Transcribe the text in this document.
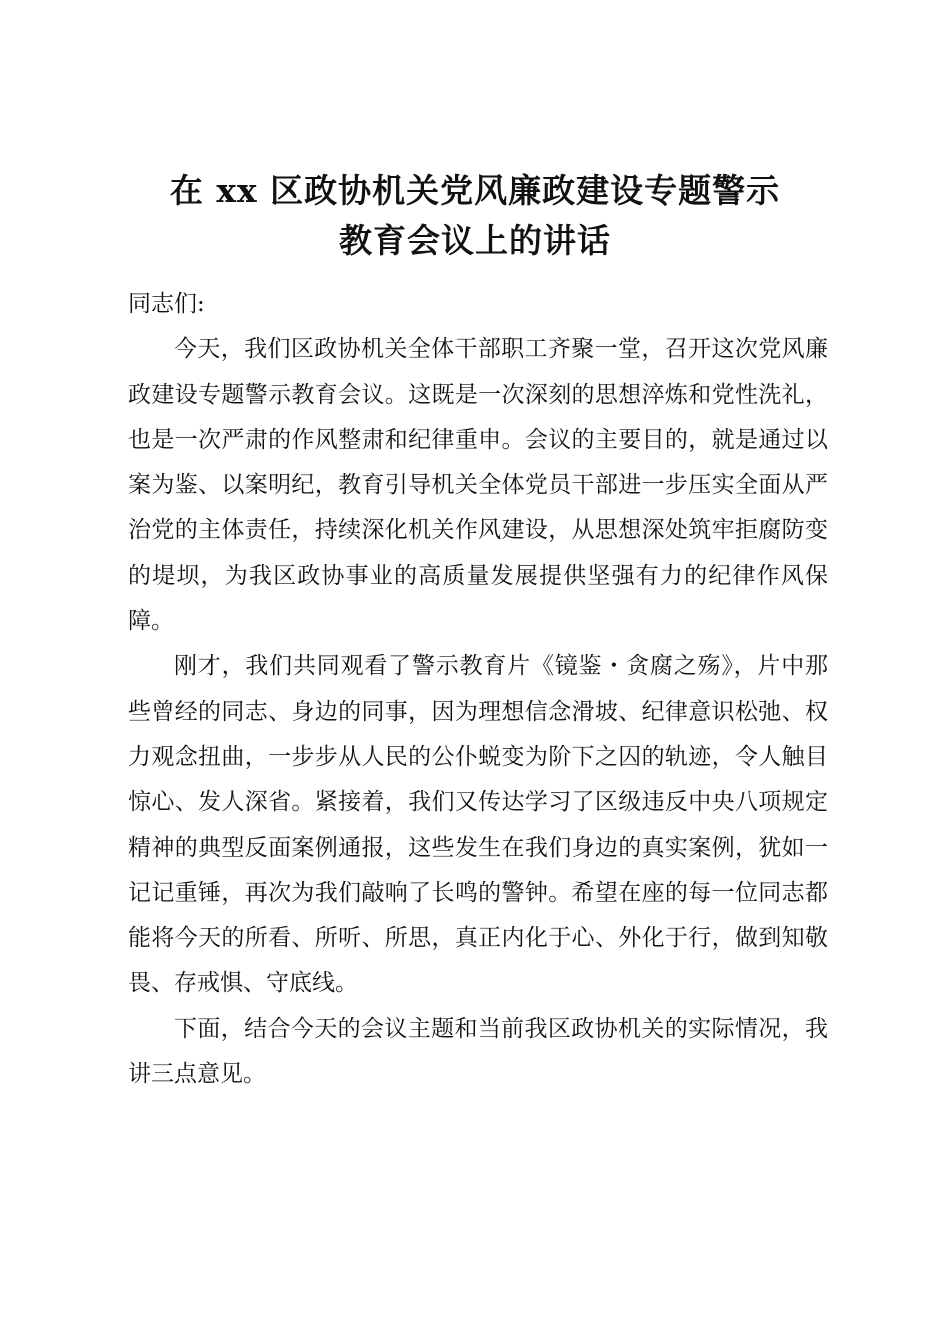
在 xx 区政协机关党风廉政建设专题警示
教育会议上的讲话

同志们:

今天，我们区政协机关全体干部职工齐聚一堂，召开这次党风廉政建设专题警示教育会议。这既是一次深刻的思想淬炼和党性洗礼，也是一次严肃的作风整肃和纪律重申。会议的主要目的，就是通过以案为鉴、以案明纪，教育引导机关全体党员干部进一步压实全面从严治党的主体责任，持续深化机关作风建设，从思想深处筑牢拒腐防变的堤坝，为我区政协事业的高质量发展提供坚强有力的纪律作风保障。

刚才，我们共同观看了警示教育片《镜鉴・贪腐之殇》，片中那些曾经的同志、身边的同事，因为理想信念滑坡、纪律意识松弛、权力观念扭曲，一步步从人民的公仆蜕变为阶下之囚的轨迹，令人触目惊心、发人深省。紧接着，我们又传达学习了区级违反中央八项规定精神的典型反面案例通报，这些发生在我们身边的真实案例，犹如一记记重锤，再次为我们敲响了长鸣的警钟。希望在座的每一位同志都能将今天的所看、所听、所思，真正内化于心、外化于行，做到知敬畏、存戒惧、守底线。

下面，结合今天的会议主题和当前我区政协机关的实际情况，我讲三点意见。
